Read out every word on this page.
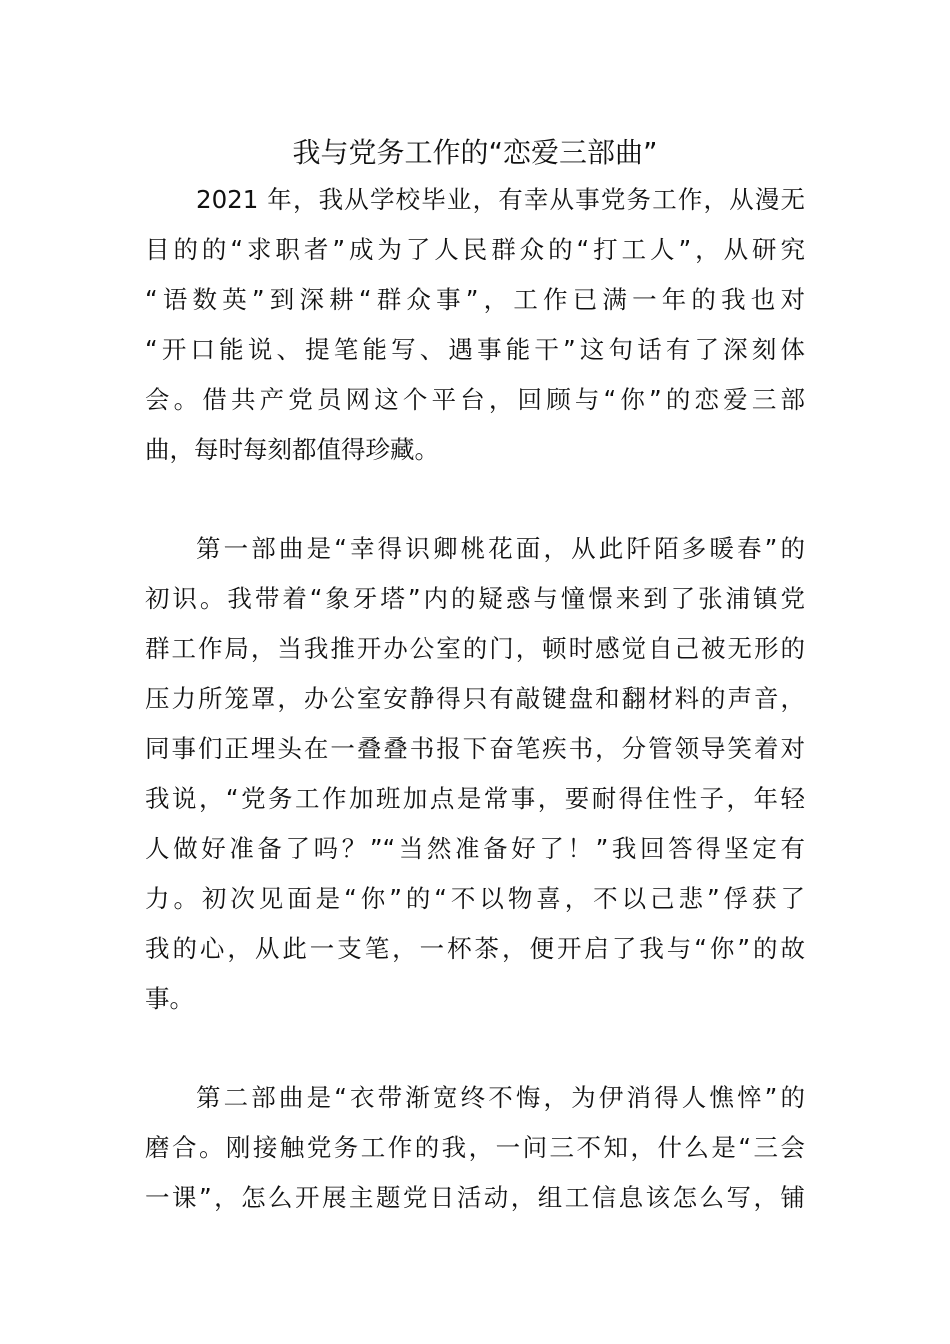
我与党务工作的“恋爱三部曲”
2021 年，我从学校毕业，有幸从事党务工作，从漫无
目的的“求职者”成为了人民群众的“打工人”，从研究
“语数英”到深耕“群众事”，工作已满一年的我也对
“开口能说、提笔能写、遇事能干”这句话有了深刻体
会。借共产党员网这个平台，回顾与“你”的恋爱三部
曲，每时每刻都值得珍藏。
第一部曲是“幸得识卿桃花面，从此阡陌多暖春”的
初识。我带着“象牙塔”内的疑惑与憧憬来到了张浦镇党
群工作局，当我推开办公室的门，顿时感觉自己被无形的
压力所笼罩，办公室安静得只有敲键盘和翻材料的声音，
同事们正埋头在一叠叠书报下奋笔疾书，分管领导笑着对
我说，“党务工作加班加点是常事，要耐得住性子，年轻
人做好准备了吗？”“当然准备好了！”我回答得坚定有
力。初次见面是“你”的“不以物喜，不以己悲”俘获了
我的心，从此一支笔，一杯茶，便开启了我与“你”的故
事。
第二部曲是“衣带渐宽终不悔，为伊消得人憔悴”的
磨合。刚接触党务工作的我，一问三不知，什么是“三会
一课”，怎么开展主题党日活动，组工信息该怎么写，铺
